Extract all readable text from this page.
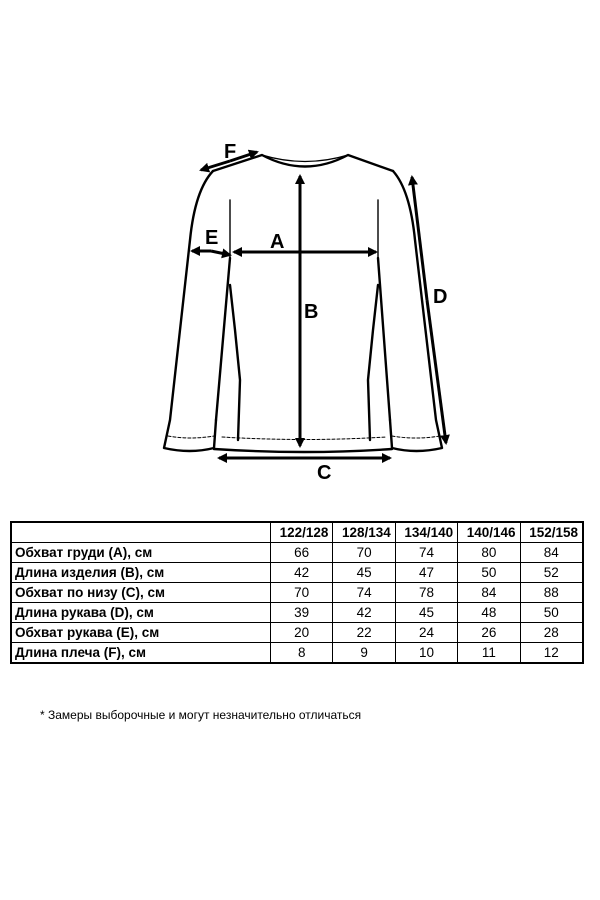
A
B
C
D
E
F
	122/128	128/134	134/140	140/146	152/158
Обхват груди (А), см	66	70	74	80	84
Длина изделия (B), см	42	45	47	50	52
Обхват по низу (C), см	70	74	78	84	88
Длина рукава (D), см	39	42	45	48	50
Обхват рукава (E), см	20	22	24	26	28
Длина плеча (F), см	8	9	10	11	12
* Замеры выборочные и могут незначительно отличаться
